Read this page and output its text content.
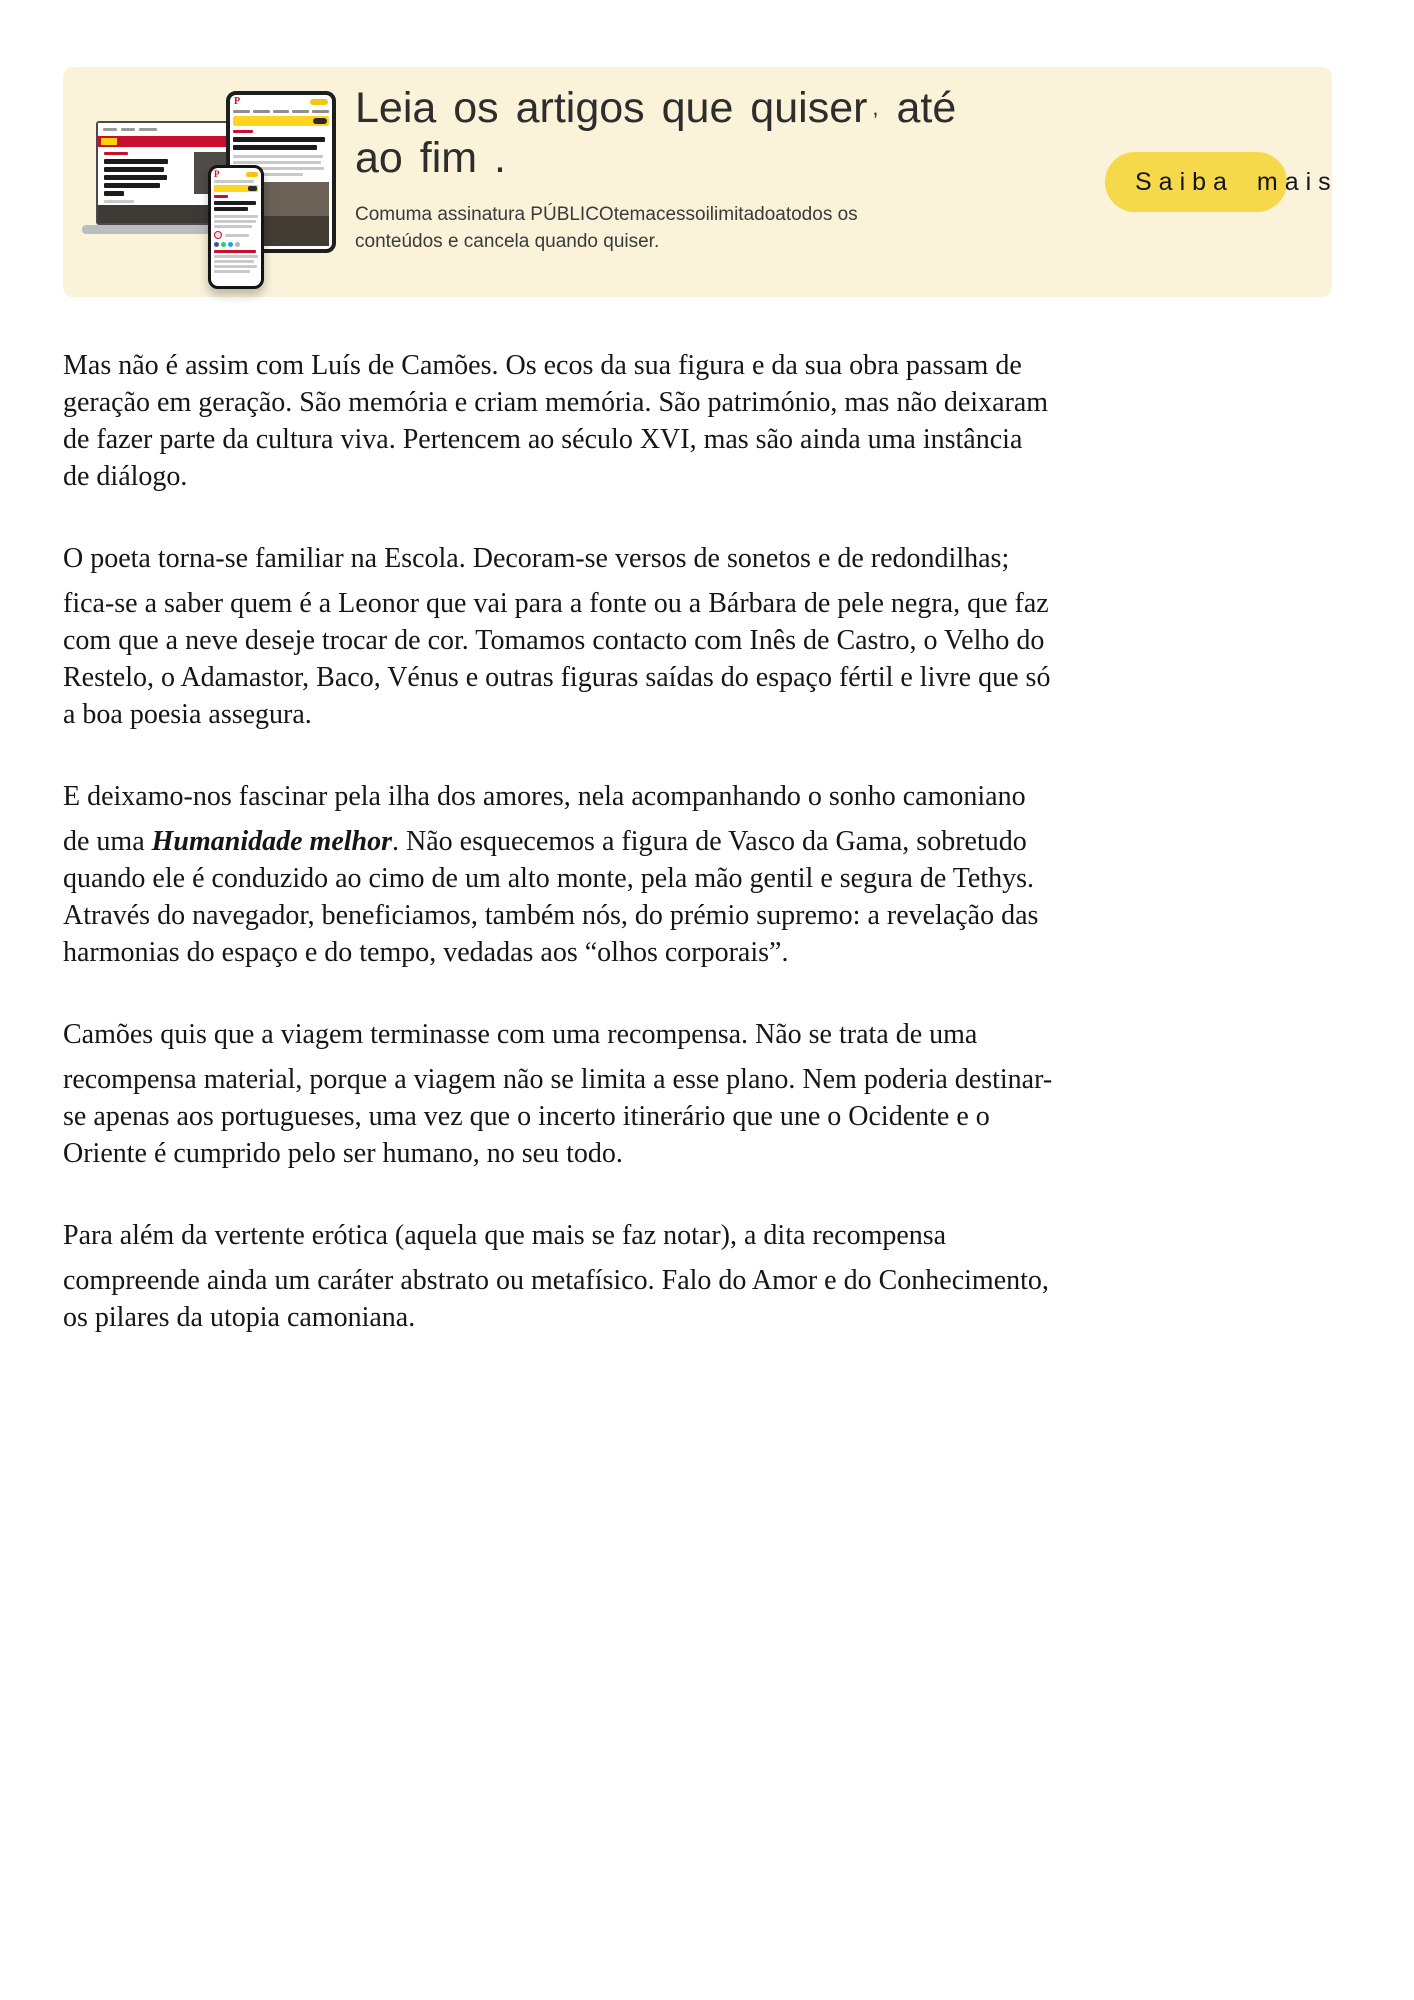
P
P
Leia os artigos que quiser , até
ao fim .

Comuma assinatura PÚBLICOtemacessoilimitadoatodos os conteúdos e cancela quando quiser.

Saiba mais

Mas não é assim com Luís de Camões. Os ecos da sua figura e da sua obra passam de geração em geração. São memória e criam memória. São património, mas não deixaram de fazer parte da cultura viva. Pertencem ao século XVI, mas são ainda uma instância de diálogo.

O poeta torna-se familiar na Escola. Decoram-se versos de sonetos e de redondilhas;

fica-se a saber quem é a Leonor que vai para a fonte ou a Bárbara de pele negra, que faz com que a neve deseje trocar de cor. Tomamos contacto com Inês de Castro, o Velho do Restelo, o Adamastor, Baco, Vénus e outras figuras saídas do espaço fértil e livre que só a boa poesia assegura.

E deixamo-nos fascinar pela ilha dos amores, nela acompanhando o sonho camoniano

de uma Humanidade melhor. Não esquecemos a figura de Vasco da Gama, sobretudo quando ele é conduzido ao cimo de um alto monte, pela mão gentil e segura de Tethys. Através do navegador, beneficiamos, também nós, do prémio supremo: a revelação das harmonias do espaço e do tempo, vedadas aos “olhos corporais”.

Camões quis que a viagem terminasse com uma recompensa. Não se trata de uma

recompensa material, porque a viagem não se limita a esse plano. Nem poderia destinar-se apenas aos portugueses, uma vez que o incerto itinerário que une o Ocidente e o Oriente é cumprido pelo ser humano, no seu todo.

Para além da vertente erótica (aquela que mais se faz notar), a dita recompensa

compreende ainda um caráter abstrato ou metafísico. Falo do Amor e do Conhecimento, os pilares da utopia camoniana.
